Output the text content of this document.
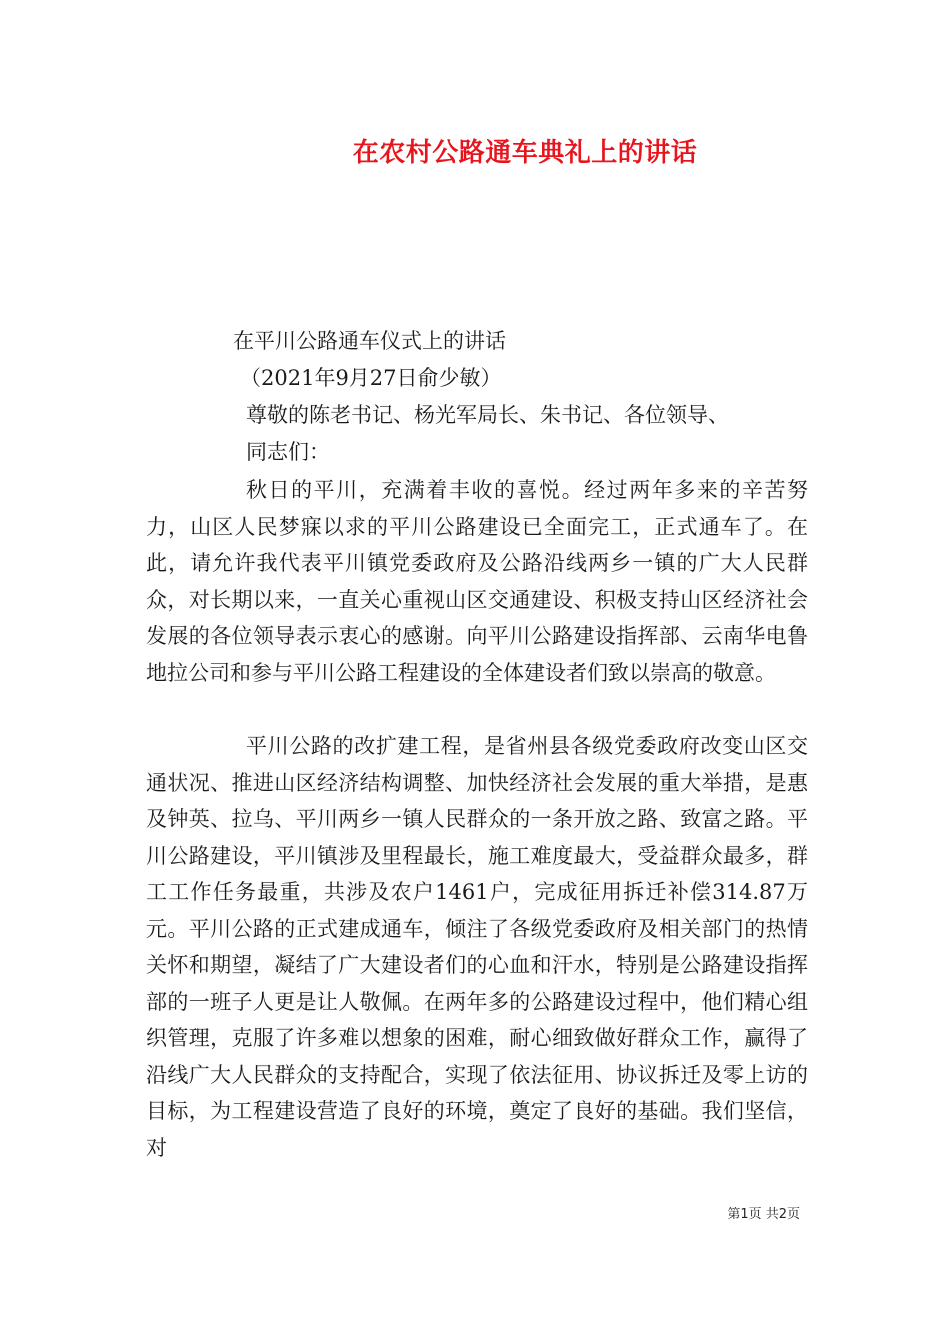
在农村公路通车典礼上的讲话
在平川公路通车仪式上的讲话
（2021年9月27日俞少敏）
尊敬的陈老书记、杨光军局长、朱书记、各位领导、
同志们：

秋日的平川，充满着丰收的喜悦。经过两年多来的辛苦努力，山区人民梦寐以求的平川公路建设已全面完工，正式通车了。在此，请允许我代表平川镇党委政府及公路沿线两乡一镇的广大人民群众，对长期以来，一直关心重视山区交通建设、积极支持山区经济社会发展的各位领导表示衷心的感谢。向平川公路建设指挥部、云南华电鲁地拉公司和参与平川公路工程建设的全体建设者们致以崇高的敬意。

平川公路的改扩建工程，是省州县各级党委政府改变山区交通状况、推进山区经济结构调整、加快经济社会发展的重大举措，是惠及钟英、拉乌、平川两乡一镇人民群众的一条开放之路、致富之路。平川公路建设，平川镇涉及里程最长，施工难度最大，受益群众最多，群工工作任务最重，共涉及农户1461户，完成征用拆迁补偿314.87万元。平川公路的正式建成通车，倾注了各级党委政府及相关部门的热情关怀和期望，凝结了广大建设者们的心血和汗水，特别是公路建设指挥部的一班子人更是让人敬佩。在两年多的公路建设过程中，他们精心组织管理，克服了许多难以想象的困难，耐心细致做好群众工作，赢得了沿线广大人民群众的支持配合，实现了依法征用、协议拆迁及零上访的目标，为工程建设营造了良好的环境，奠定了良好的基础。我们坚信，对

第1页 共2页
